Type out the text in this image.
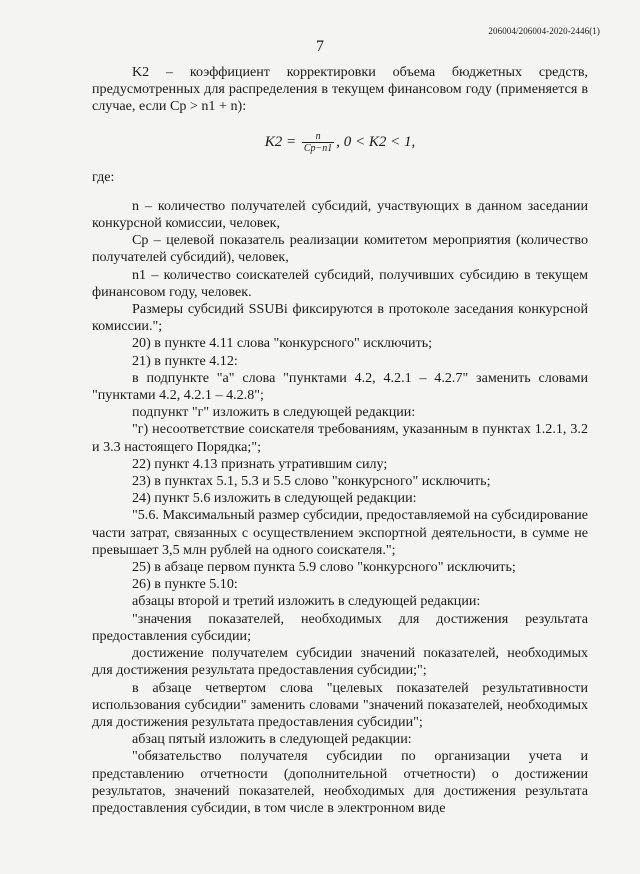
206004/206004-2020-2446(1)
7

K2 – коэффициент корректировки объема бюджетных средств, предусмотренных для распределения в текущем финансовом году (применяется в случае, если Cp > n1 + n):

$K2 = \frac{n}{Cp-n1}$ , 0 < K2 < 1,

где:

n – количество получателей субсидий, участвующих в данном заседании конкурсной комиссии, человек,

Cp – целевой показатель реализации комитетом мероприятия (количество получателей субсидий), человек,

n1 – количество соискателей субсидий, получивших субсидию в текущем финансовом году, человек.

Размеры субсидий SSUBi фиксируются в протоколе заседания конкурсной комиссии.";

20) в пункте 4.11 слова "конкурсного" исключить;

21) в пункте 4.12:

в подпункте "а" слова "пунктами 4.2, 4.2.1 – 4.2.7" заменить словами "пунктами 4.2, 4.2.1 – 4.2.8";

подпункт "г" изложить в следующей редакции:

"г) несоответствие соискателя требованиям, указанным в пунктах 1.2.1, 3.2 и 3.3 настоящего Порядка;";

22) пункт 4.13 признать утратившим силу;

23) в пунктах 5.1, 5.3 и 5.5 слово "конкурсного" исключить;

24) пункт 5.6 изложить в следующей редакции:

"5.6. Максимальный размер субсидии, предоставляемой на субсидирование части затрат, связанных с осуществлением экспортной деятельности, в сумме не превышает 3,5 млн рублей на одного соискателя.";

25) в абзаце первом пункта 5.9 слово "конкурсного" исключить;

26) в пункте 5.10:

абзацы второй и третий изложить в следующей редакции:

"значения показателей, необходимых для достижения результата предоставления субсидии;

достижение получателем субсидии значений показателей, необходимых для достижения результата предоставления субсидии;";

в абзаце четвертом слова "целевых показателей результативности использования субсидии" заменить словами "значений показателей, необходимых для достижения результата предоставления субсидии";

абзац пятый изложить в следующей редакции:

"обязательство получателя субсидии по организации учета и представлению отчетности (дополнительной отчетности) о достижении результатов, значений показателей, необходимых для достижения результата предоставления субсидии, в том числе в электронном виде
